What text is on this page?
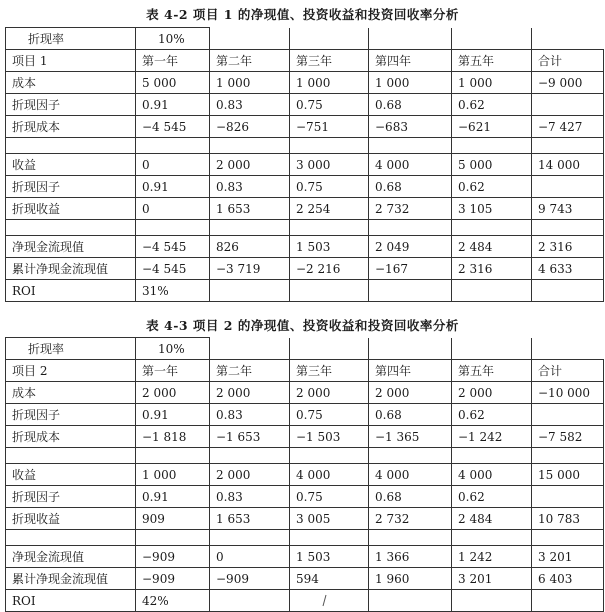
表 4-2 项目 1 的净现值、投资收益和投资回收率分析
折现率	10%					
项目 1	第一年	第二年	第三年	第四年	第五年	合计
成本	5 000	1 000	1 000	1 000	1 000	−9 000
折现因子	0.91	0.83	0.75	0.68	0.62	
折现成本	−4 545	−826	−751	−683	−621	−7 427

收益	0	2 000	3 000	4 000	5 000	14 000
折现因子	0.91	0.83	0.75	0.68	0.62	
折现收益	0	1 653	2 254	2 732	3 105	9 743

净现金流现值	−4 545	826	1 503	2 049	2 484	2 316
累计净现金流现值	−4 545	−3 719	−2 216	−167	2 316	4 633
ROI	31%					
表 4-3 项目 2 的净现值、投资收益和投资回收率分析
折现率	10%					
项目 2	第一年	第二年	第三年	第四年	第五年	合计
成本	2 000	2 000	2 000	2 000	2 000	−10 000
折现因子	0.91	0.83	0.75	0.68	0.62	
折现成本	−1 818	−1 653	−1 503	−1 365	−1 242	−7 582

收益	1 000	2 000	4 000	4 000	4 000	15 000
折现因子	0.91	0.83	0.75	0.68	0.62	
折现收益	909	1 653	3 005	2 732	2 484	10 783

净现金流现值	−909	0	1 503	1 366	1 242	3 201
累计净现金流现值	−909	−909	594	1 960	3 201	6 403
ROI	42%					
